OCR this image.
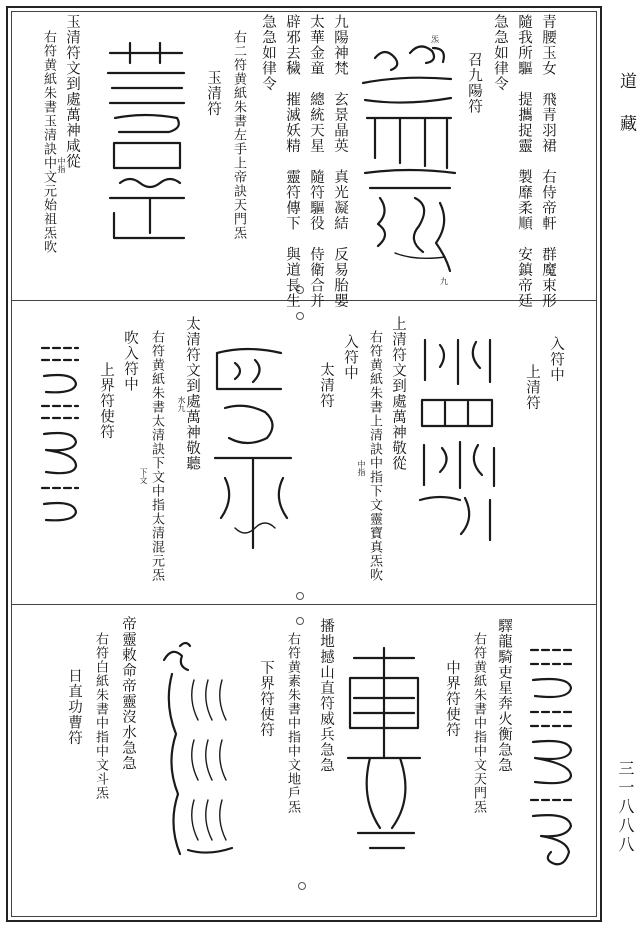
道 藏
三一八八八
青腰玉女　飛青羽裙　右侍帝軒　群魔束形
隨我所驅　提攜捉靈　製靡柔順　安鎮帝廷
急急如律令
召九陽符
炁
九
九陽神梵　玄景晶英　真光凝結　反易胎嬰
太華金童　總統天星　隨符驅役　侍衛合并
辟邪去穢　摧滅妖精　靈符傳下　與道長生
急急如律令
右二符黄紙朱書左手上帝訣天門炁
玉清符
玉清符文到處萬神咸從
右符黄紙朱書玉清訣中文元始祖炁吹 中指
入符中
上清符
上清符文到處萬神敬從
右符黄紙朱書上清訣中指下文靈寶真炁吹
中指
入符中
太清符
水九
太清符文到處萬神敬聽
右符黄紙朱書太清訣下文中指太清混元炁
下文
吹入符中
上界符使符
驛龍騎吏星奔火衡急急
右符黄紙朱書中指中文天門炁
中界符使符
播地撼山直符威兵急急
右符黄素朱書中指中文地戶炁
下界符使符
帝靈敕命帝靈沒水急急
右符白紙朱書中指中文斗炁
日直功曹符
